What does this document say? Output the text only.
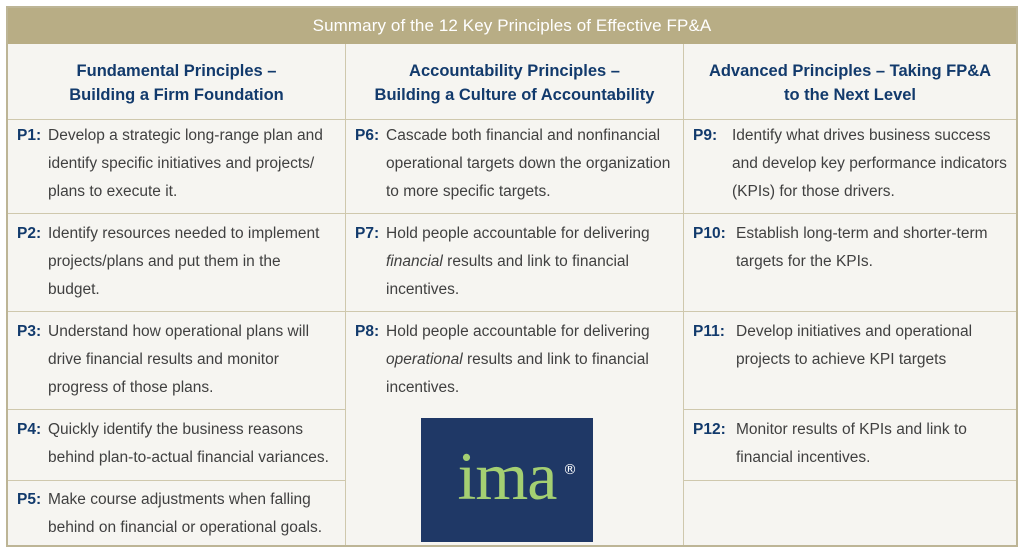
Summary of the 12 Key Principles of Effective FP&A
Fundamental Principles –
Building a Firm Foundation
Accountability Principles –
Building a Culture of Accountability
Advanced Principles – Taking FP&A
to the Next Level
P1: Develop a strategic long-range plan and
identify specific initiatives and projects/
plans to execute it.
P2: Identify resources needed to implement
projects/plans and put them in the
budget.
P3: Understand how operational plans will
drive financial results and monitor
progress of those plans.
P4: Quickly identify the business reasons
behind plan-to-actual financial variances.
P5: Make course adjustments when falling
behind on financial or operational goals.
P6: Cascade both financial and nonfinancial
operational targets down the organization
to more specific targets.
P7: Hold people accountable for delivering
financial results and link to financial
incentives.
P8: Hold people accountable for delivering
operational results and link to financial
incentives.
ima ®
P9: Identify what drives business success
and develop key performance indicators
(KPIs) for those drivers.
P10: Establish long-term and shorter-term
targets for the KPIs.
P11: Develop initiatives and operational
projects to achieve KPI targets
P12: Monitor results of KPIs and link to
financial incentives.
